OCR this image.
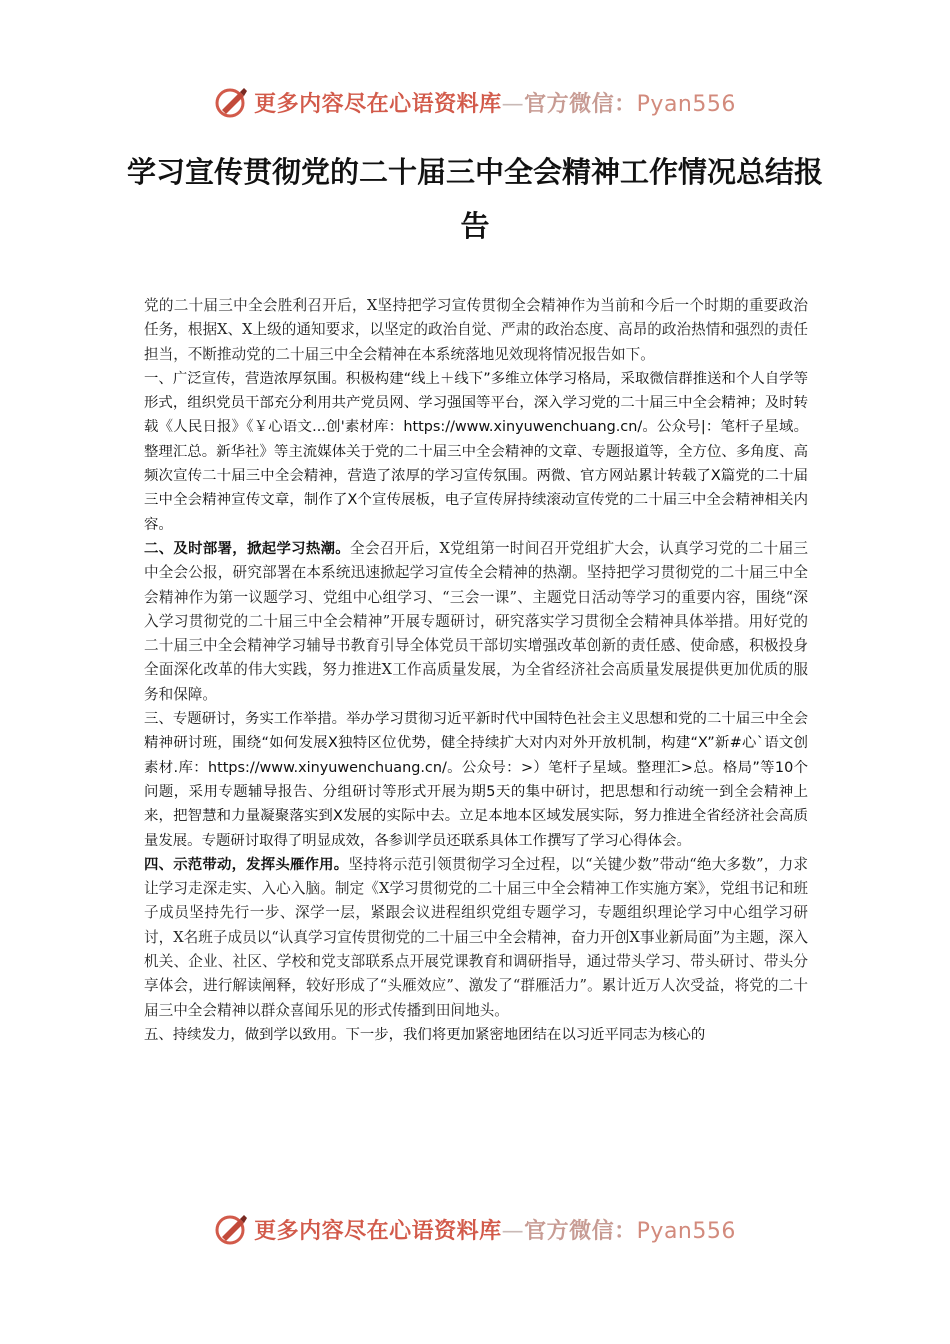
更多内容尽在心语资料库—官方微信：Pyan556
学习宣传贯彻党的二十届三中全会精神工作情况总结报告

党的二十届三中全会胜利召开后，X坚持把学习宣传贯彻全会精神作为当前和今后一个时期的重要政治任务，根据X、X上级的通知要求，以坚定的政治自觉、严肃的政治态度、高昂的政治热情和强烈的责任担当，不断推动党的二十届三中全会精神在本系统落地见效现将情况报告如下。

一、广泛宣传，营造浓厚氛围。积极构建“线上＋线下”多维立体学习格局，采取微信群推送和个人自学等形式，组织党员干部充分利用共产党员网、学习强国等平台，深入学习党的二十届三中全会精神；及时转载《人民日报》《￥心语文...创'素材库：https://www.xinyuwenchuang.cn/。公众号|：笔杆子星域。整理汇总。新华社》等主流媒体关于党的二十届三中全会精神的文章、专题报道等，全方位、多角度、高频次宣传二十届三中全会精神，营造了浓厚的学习宣传氛围。两微、官方网站累计转载了X篇党的二十届三中全会精神宣传文章，制作了X个宣传展板，电子宣传屏持续滚动宣传党的二十届三中全会精神相关内容。

二、及时部署，掀起学习热潮。全会召开后，X党组第一时间召开党组扩大会，认真学习党的二十届三中全会公报，研究部署在本系统迅速掀起学习宣传全会精神的热潮。坚持把学习贯彻党的二十届三中全会精神作为第一议题学习、党组中心组学习、“三会一课”、主题党日活动等学习的重要内容，围绕“深入学习贯彻党的二十届三中全会精神”开展专题研讨，研究落实学习贯彻全会精神具体举措。用好党的二十届三中全会精神学习辅导书教育引导全体党员干部切实增强改革创新的责任感、使命感，积极投身全面深化改革的伟大实践，努力推进X工作高质量发展，为全省经济社会高质量发展提供更加优质的服务和保障。

三、专题研讨，务实工作举措。举办学习贯彻习近平新时代中国特色社会主义思想和党的二十届三中全会精神研讨班，围绕“如何发展X独特区位优势，健全持续扩大对内对外开放机制，构建“X”新#心`语文创素材.库：https://www.xinyuwenchuang.cn/。公众号：>）笔杆子星域。整理汇>总。格局”等10个问题，采用专题辅导报告、分组研讨等形式开展为期5天的集中研讨，把思想和行动统一到全会精神上来，把智慧和力量凝聚落实到X发展的实际中去。立足本地本区域发展实际，努力推进全省经济社会高质量发展。专题研讨取得了明显成效，各参训学员还联系具体工作撰写了学习心得体会。

四、示范带动，发挥头雁作用。坚持将示范引领贯彻学习全过程，以“关键少数”带动“绝大多数”，力求让学习走深走实、入心入脑。制定《X学习贯彻党的二十届三中全会精神工作实施方案》，党组书记和班子成员坚持先行一步、深学一层，紧跟会议进程组织党组专题学习，专题组织理论学习中心组学习研讨，X名班子成员以“认真学习宣传贯彻党的二十届三中全会精神，奋力开创X事业新局面”为主题，深入机关、企业、社区、学校和党支部联系点开展党课教育和调研指导，通过带头学习、带头研讨、带头分享体会，进行解读阐释，较好形成了“头雁效应”、激发了“群雁活力”。累计近万人次受益，将党的二十届三中全会精神以群众喜闻乐见的形式传播到田间地头。

五、持续发力，做到学以致用。下一步，我们将更加紧密地团结在以习近平同志为核心的

更多内容尽在心语资料库—官方微信：Pyan556
